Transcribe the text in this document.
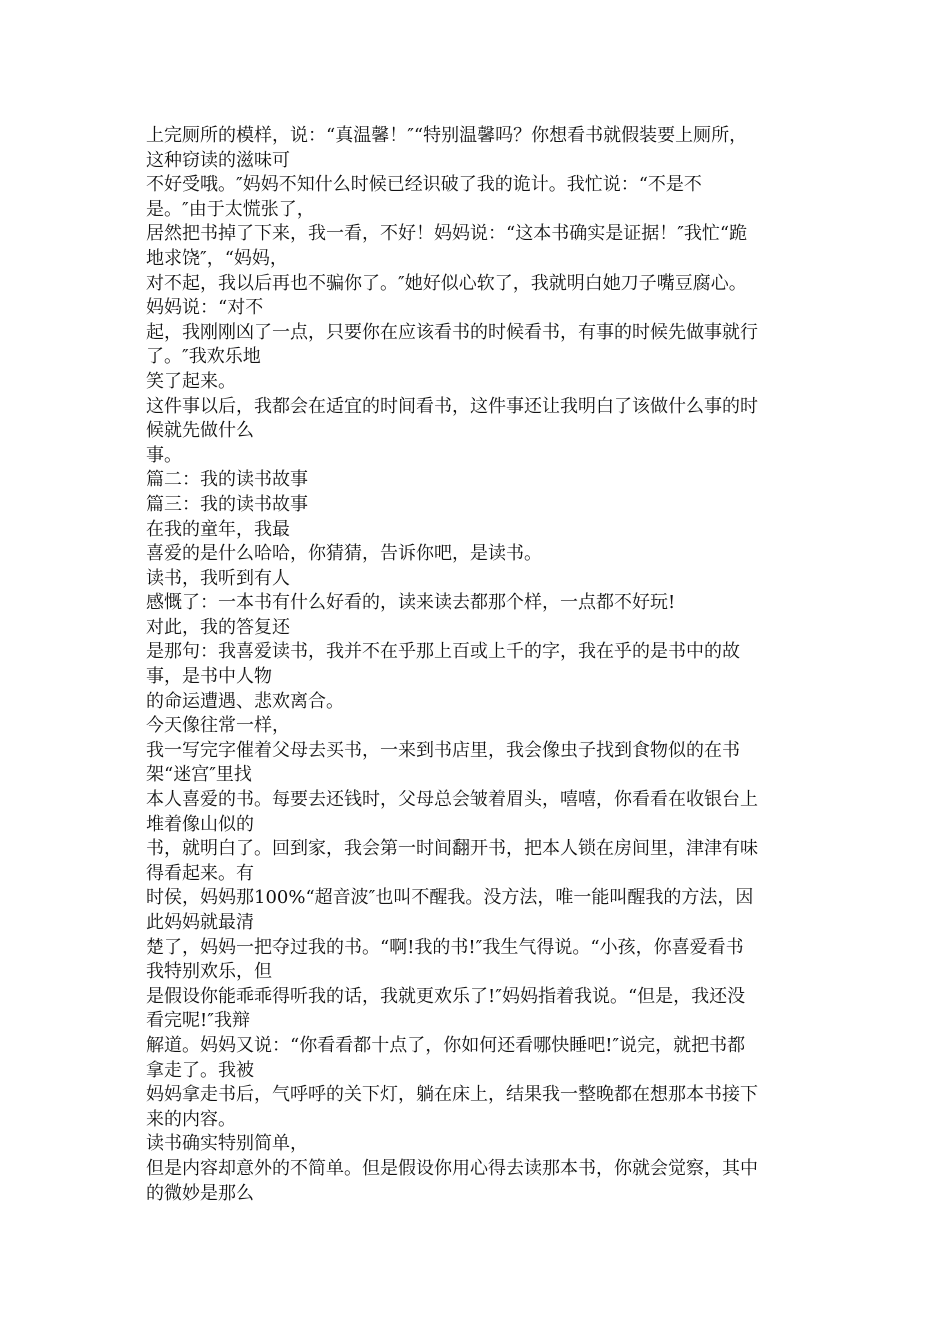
上完厕所的模样，说：“真温馨！″“特别温馨吗？你想看书就假装要上厕所，
这种窃读的滋味可
不好受哦。″妈妈不知什么时候已经识破了我的诡计。我忙说：“不是不
是。″由于太慌张了，
居然把书掉了下来，我一看，不好！妈妈说：“这本书确实是证据！″我忙“跪
地求饶″，“妈妈，
对不起，我以后再也不骗你了。″她好似心软了，我就明白她刀子嘴豆腐心。
妈妈说：“对不
起，我刚刚凶了一点，只要你在应该看书的时候看书，有事的时候先做事就行
了。″我欢乐地
笑了起来。
这件事以后，我都会在适宜的时间看书，这件事还让我明白了该做什么事的时
候就先做什么
事。
篇二：我的读书故事
篇三：我的读书故事
在我的童年，我最
喜爱的是什么哈哈，你猜猜，告诉你吧，是读书。
读书，我听到有人
感慨了：一本书有什么好看的，读来读去都那个样，一点都不好玩!
对此，我的答复还
是那句：我喜爱读书，我并不在乎那上百或上千的字，我在乎的是书中的故
事，是书中人物
的命运遭遇、悲欢离合。
今天像往常一样，
我一写完字催着父母去买书，一来到书店里，我会像虫子找到食物似的在书
架“迷宫″里找
本人喜爱的书。每要去还钱时，父母总会皱着眉头，嘻嘻，你看看在收银台上
堆着像山似的
书，就明白了。回到家，我会第一时间翻开书，把本人锁在房间里，津津有味
得看起来。有
时侯，妈妈那100%“超音波″也叫不醒我。没方法，唯一能叫醒我的方法，因
此妈妈就最清
楚了，妈妈一把夺过我的书。“啊!我的书!″我生气得说。“小孩，你喜爱看书
我特别欢乐，但
是假设你能乖乖得听我的话，我就更欢乐了!″妈妈指着我说。“但是，我还没
看完呢!″我辩
解道。妈妈又说：“你看看都十点了，你如何还看哪快睡吧!″说完，就把书都
拿走了。我被
妈妈拿走书后，气呼呼的关下灯，躺在床上，结果我一整晚都在想那本书接下
来的内容。
读书确实特别简单，
但是内容却意外的不简单。但是假设你用心得去读那本书，你就会觉察，其中
的微妙是那么
